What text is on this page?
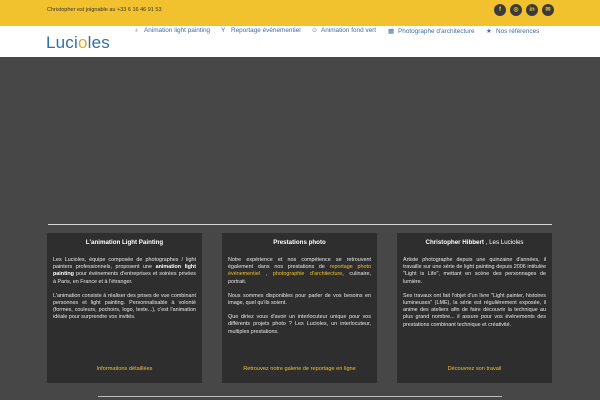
Christopher est joignable au +33 6 16 46 91 53	f	◎	in	✉
Lucioles
♁ Animation light painting Y Reportage événementiel ☺ Animation fond vert ▦ Photographe d'architecture ★ Nos références
L'animation Light Painting

Les Lucioles, équipe composée de photographes / light painters professionnels, proposent une animation light painting pour événements d'entreprises et soirées privées à Paris, en France et à l'étranger.

L'animation consiste à réaliser des prises de vue combinant personnes et light painting. Personnalisable à volonté (formes, couleurs, pochoirs, logo, texte...), c'est l'animation idéale pour surprendre vos invités.

Informations détaillées
Prestations photo

Notre expérience et nos compétence se retrouvent également dans nos prestations de reportage photo événementiel , photographie d'architecture, culinaire, portrait.

Nous sommes disponibles pour parler de vos besoins en image, quel qu'ils soient.

Que diriez vous d'avoir un interlocuteur unique pour vos différents projets photo ? Les Lucioles, un interlocuteur, multiples prestations.

Retrouvez notre galerie de reportage en ligne
Christopher Hibbert , Les Lucioles

Artiste photographe depuis une quinzaine d'années, il travaille sur une série de light painting depuis 2006 intitulée "Light is Life", mettant en scène des personnages de lumière.

Ses travaux ont fait l'objet d'un livre "Light painter, histoires lumineuses" (LME), la série est régulièrement exposée, il anime des ateliers afin de faire découvrir la technique au plus grand nombre... il assure pour vos événements des prestations combinant technique et créativité.

Découvrez son travail
